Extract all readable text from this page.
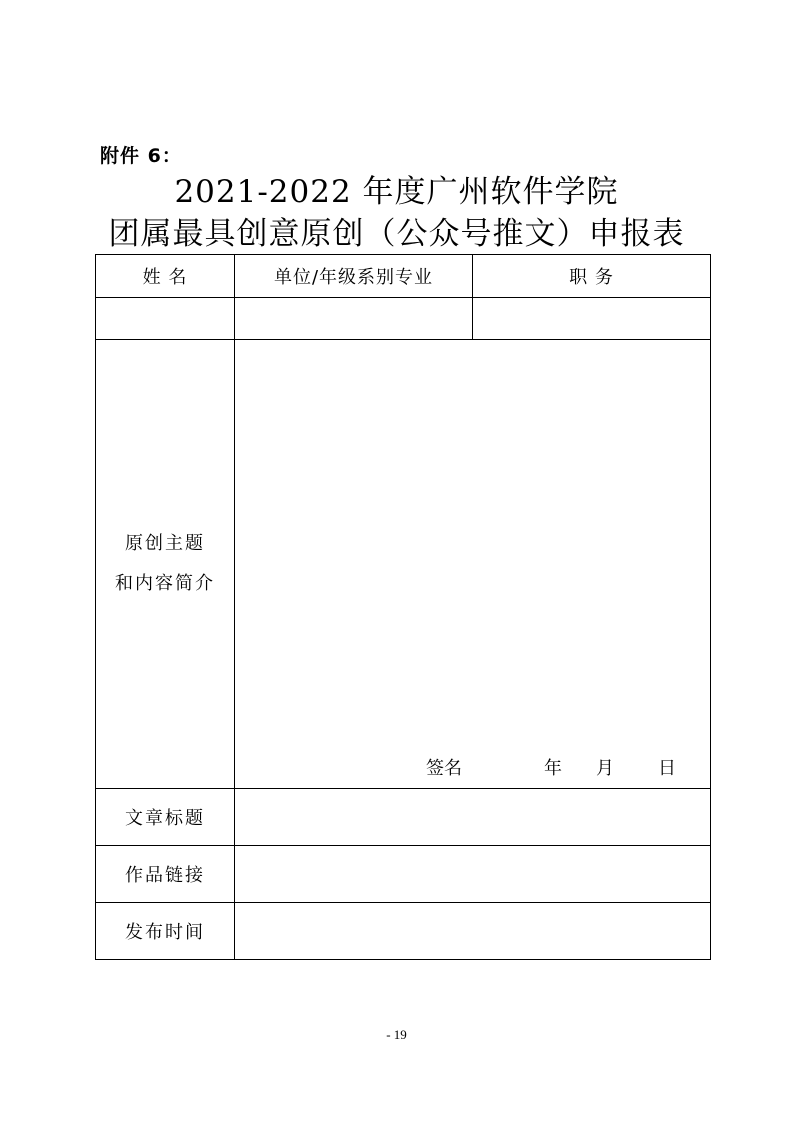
附件 6：
2021-2022 年度广州软件学院
团属最具创意原创（公众号推文）申报表
姓 名	单位/年级系别专业	职 务

原创主题
和内容简介	签名 年 月 日	

文章标题		
作品链接		
发布时间		
- 19
